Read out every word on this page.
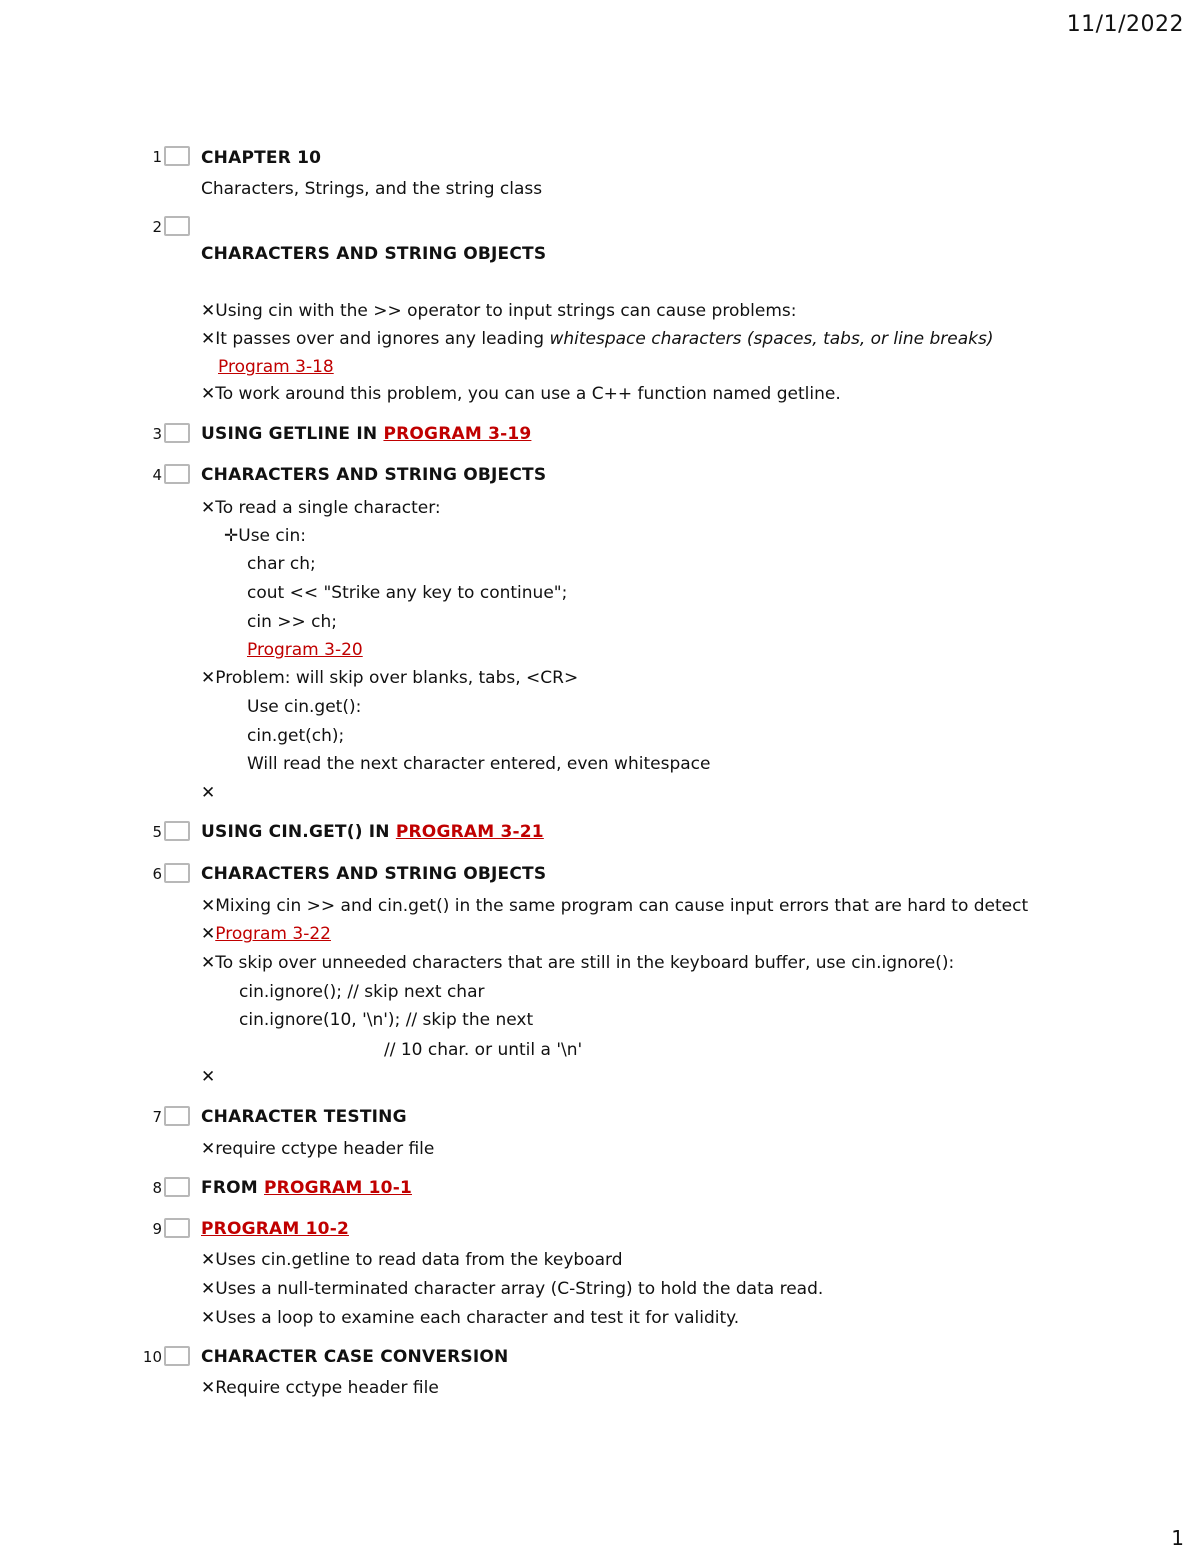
11/1/2022
1 CHAPTER 10
Characters, Strings, and the string class
2
CHARACTERS AND STRING OBJECTS
✕Using cin with the >> operator to input strings can cause problems:
✕It passes over and ignores any leading whitespace characters (spaces, tabs, or line breaks)
Program 3-18
✕To work around this problem, you can use a C++ function named getline.
3 USING GETLINE IN PROGRAM 3-19
4 CHARACTERS AND STRING OBJECTS
✕To read a single character:
✛Use cin:
char ch;
cout << "Strike any key to continue";
cin >> ch;
Program 3-20
✕Problem: will skip over blanks, tabs, <CR>
Use cin.get():
cin.get(ch);
Will read the next character entered, even whitespace
✕
5 USING CIN.GET() IN PROGRAM 3-21
6 CHARACTERS AND STRING OBJECTS
✕Mixing cin >> and cin.get() in the same program can cause input errors that are hard to detect
✕Program 3-22
✕To skip over unneeded characters that are still in the keyboard buffer, use cin.ignore():
cin.ignore(); // skip next char
cin.ignore(10, '\n'); // skip the next
// 10 char. or until a '\n'
✕
7 CHARACTER TESTING
✕require cctype header file
8 FROM PROGRAM 10-1
9 PROGRAM 10-2
✕Uses cin.getline to read data from the keyboard
✕Uses a null-terminated character array (C-String) to hold the data read.
✕Uses a loop to examine each character and test it for validity.
10 CHARACTER CASE CONVERSION
✕Require cctype header file
1
